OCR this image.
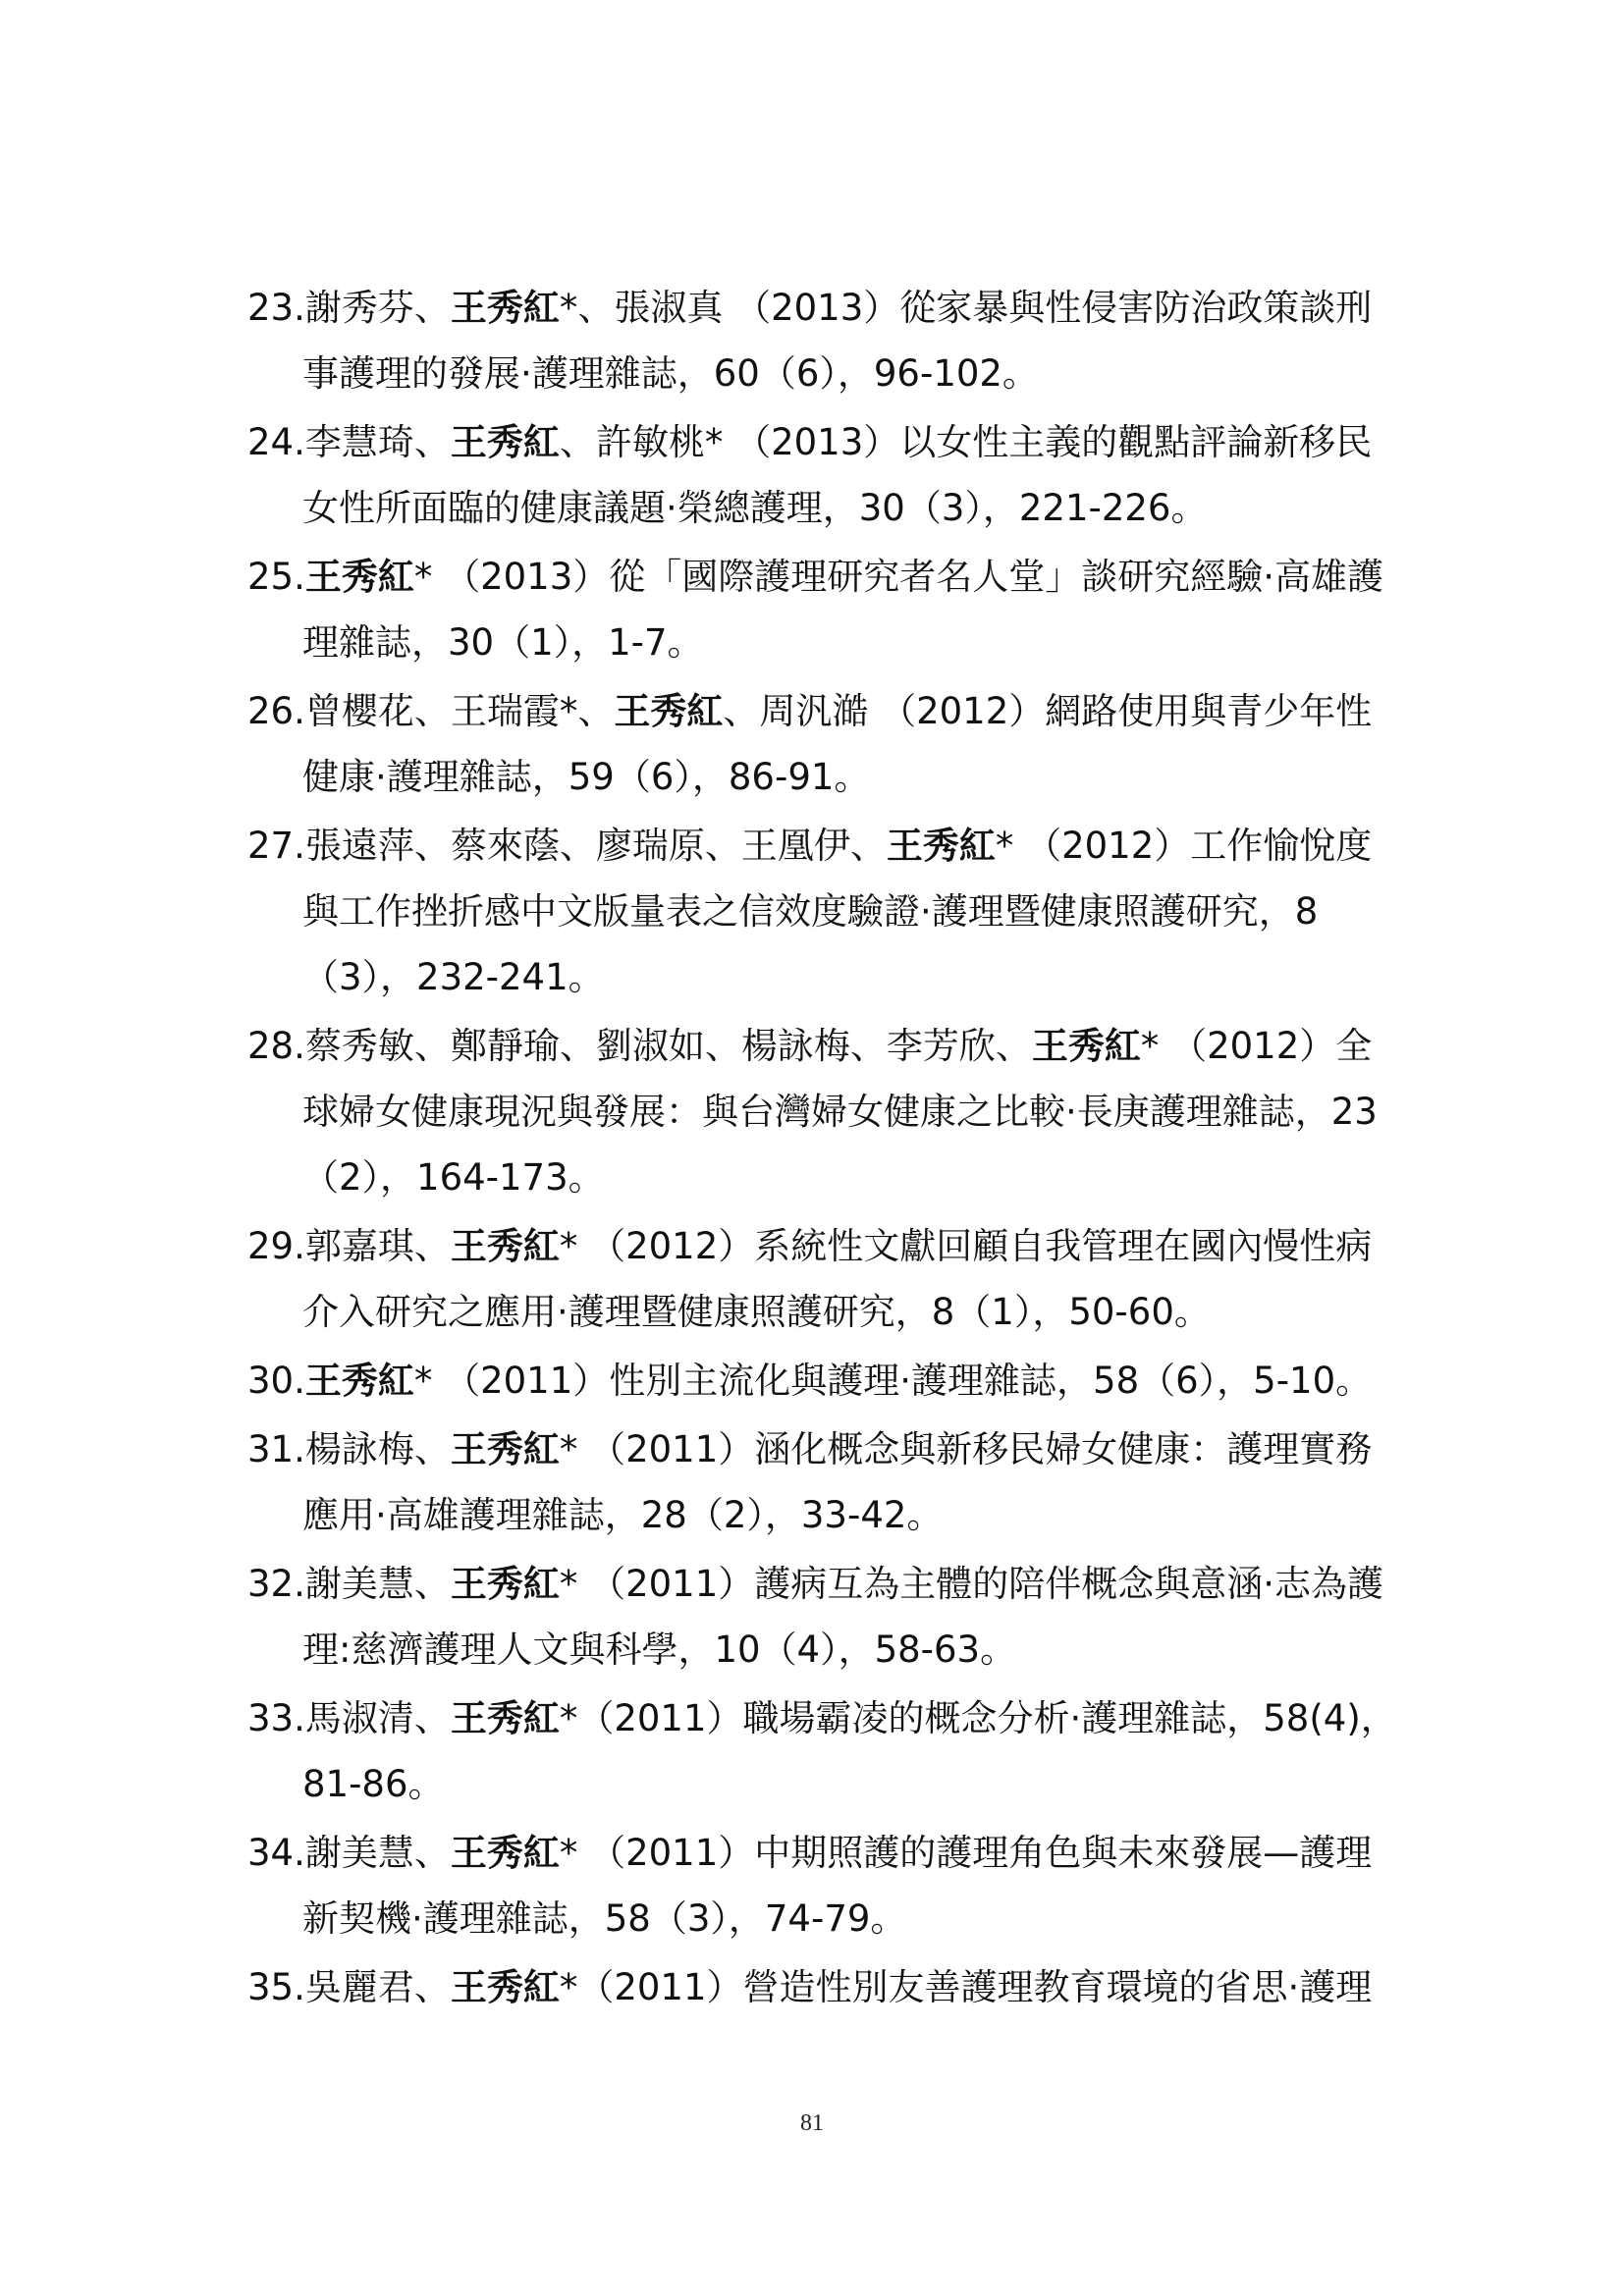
23.謝秀芬、王秀紅*、張淑真 （2013）從家暴與性侵害防治政策談刑
事護理的發展·護理雜誌，60（6），96-102。
24.李慧琦、王秀紅、許敏桃* （2013）以女性主義的觀點評論新移民
女性所面臨的健康議題·榮總護理，30（3），221-226。
25.王秀紅* （2013）從「國際護理研究者名人堂」談研究經驗·高雄護
理雜誌，30（1），1-7。
26.曾櫻花、王瑞霞*、王秀紅、周汎澔 （2012）網路使用與青少年性
健康·護理雜誌，59（6），86-91。
27.張遠萍、蔡來蔭、廖瑞原、王凰伊、王秀紅* （2012）工作愉悅度
與工作挫折感中文版量表之信效度驗證·護理暨健康照護研究，8
（3），232-241。
28.蔡秀敏、鄭靜瑜、劉淑如、楊詠梅、李芳欣、王秀紅* （2012）全
球婦女健康現況與發展：與台灣婦女健康之比較·長庚護理雜誌，23
（2），164-173。
29.郭嘉琪、王秀紅* （2012）系統性文獻回顧自我管理在國內慢性病
介入研究之應用·護理暨健康照護研究，8（1），50-60。
30.王秀紅* （2011）性別主流化與護理·護理雜誌，58（6），5-10。
31.楊詠梅、王秀紅* （2011）涵化概念與新移民婦女健康：護理實務
應用·高雄護理雜誌，28（2），33-42。
32.謝美慧、王秀紅* （2011）護病互為主體的陪伴概念與意涵·志為護
理:慈濟護理人文與科學，10（4），58-63。
33.馬淑清、王秀紅*（2011）職場霸凌的概念分析·護理雜誌，58(4)，
81-86。
34.謝美慧、王秀紅* （2011）中期照護的護理角色與未來發展—護理
新契機·護理雜誌，58（3），74-79。
35.吳麗君、王秀紅*（2011）營造性別友善護理教育環境的省思·護理
81
